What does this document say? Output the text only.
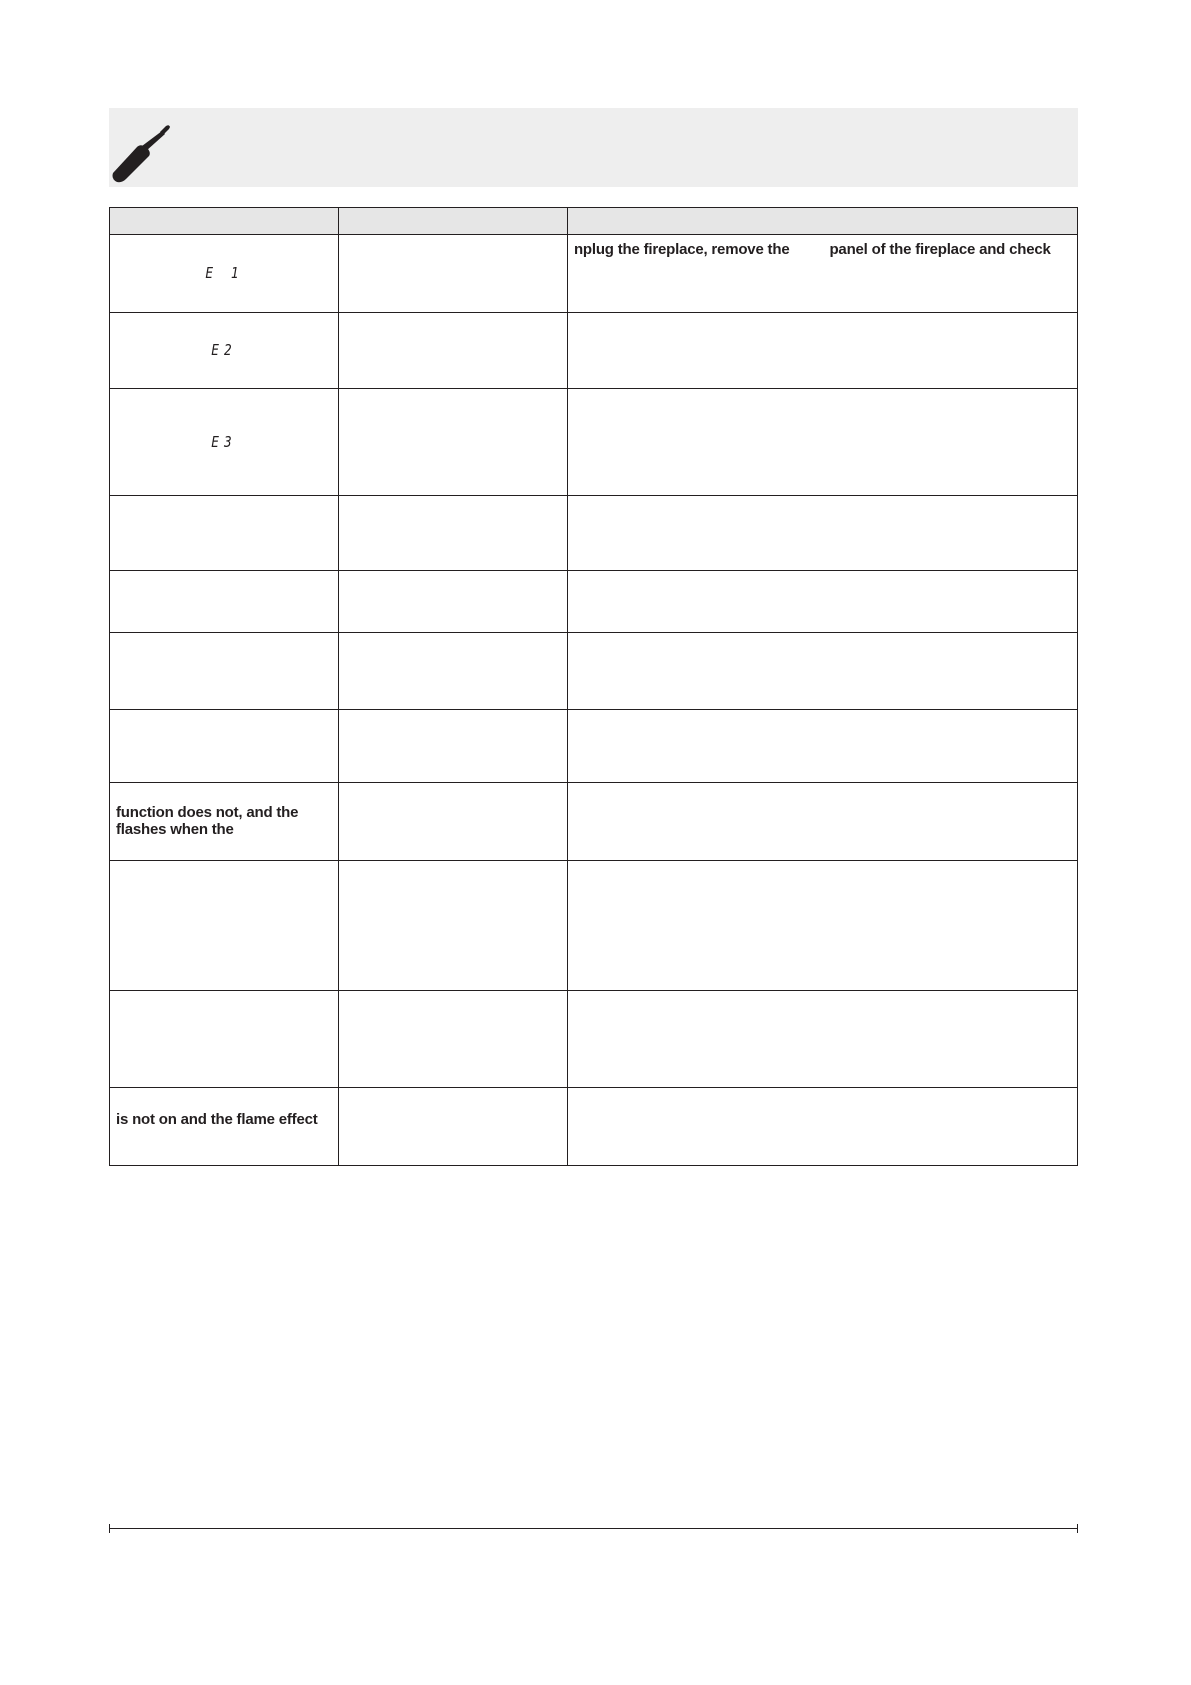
E 1		nplug the fireplace, remove the panel of the fireplace and check

E2	

E3	

function does not, and the
flashes when the		

is not on and the flame effect		
